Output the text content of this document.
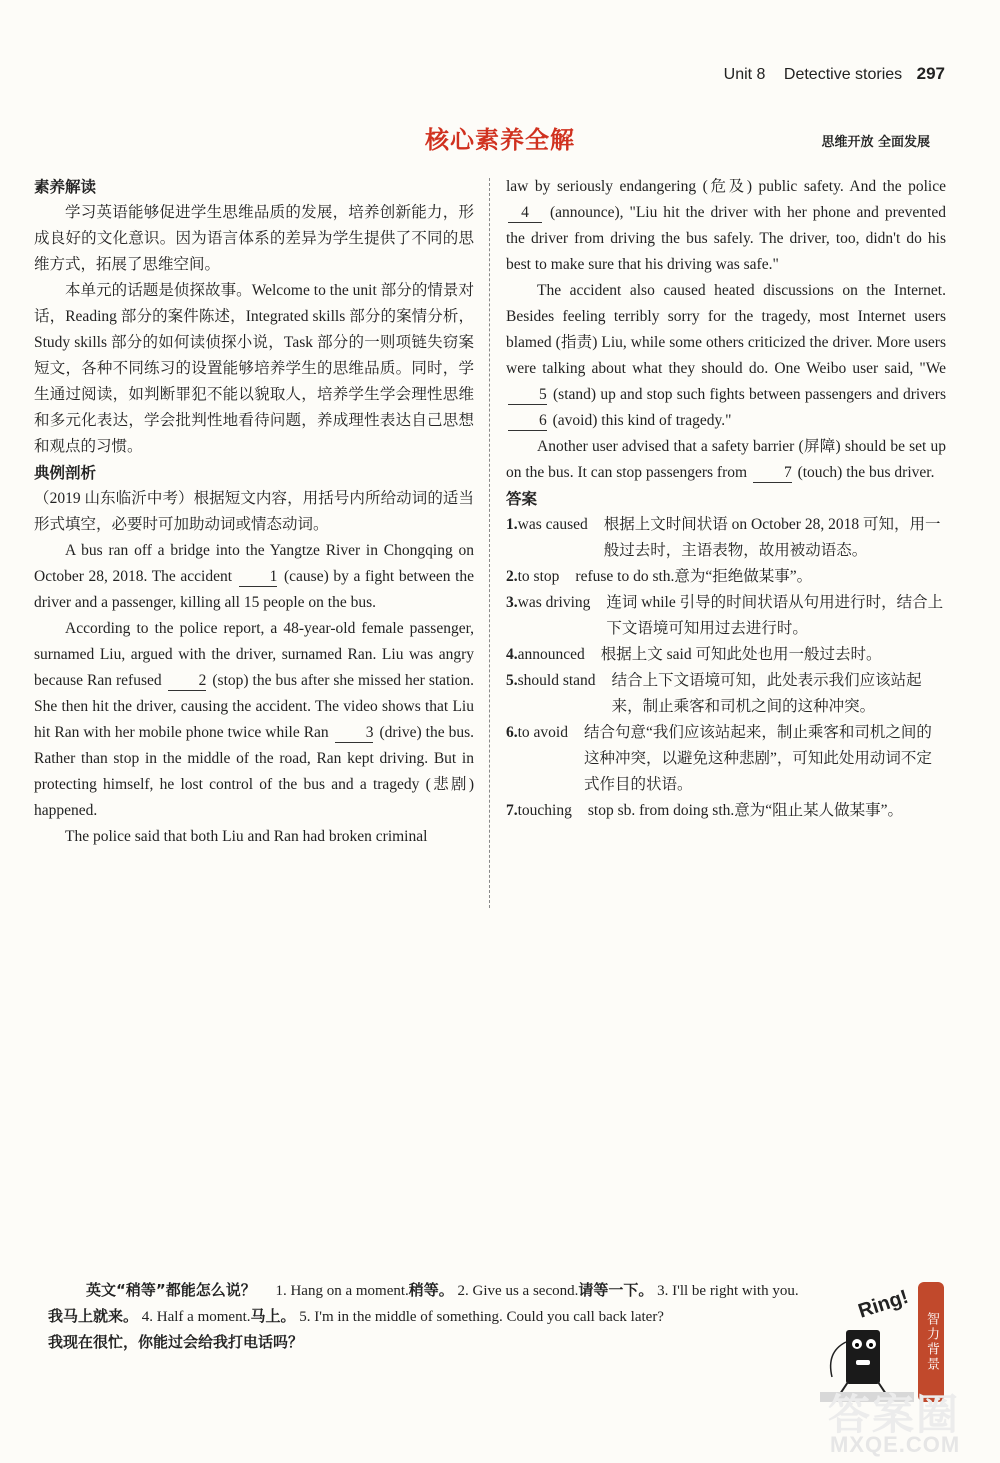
Unit 8 Detective stories 297
核心素养全解	思维开放 全面发展
素养解读

学习英语能够促进学生思维品质的发展，培养创新能力，形成良好的文化意识。因为语言体系的差异为学生提供了不同的思维方式，拓展了思维空间。

本单元的话题是侦探故事。Welcome to the unit 部分的情景对话，Reading 部分的案件陈述，Integrated skills 部分的案情分析，Study skills 部分的如何读侦探小说，Task 部分的一则项链失窃案短文，各种不同练习的设置能够培养学生的思维品质。同时，学生通过阅读，如判断罪犯不能以貌取人，培养学生学会理性思维和多元化表达，学会批判性地看待问题，养成理性表达自己思想和观点的习惯。

典例剖析

（2019 山东临沂中考）根据短文内容，用括号内所给动词的适当形式填空，必要时可加助动词或情态动词。

A bus ran off a bridge into the Yangtze River in Chongqing on October 28, 2018. The accident 1 (cause) by a fight between the driver and a passenger, killing all 15 people on the bus.

According to the police report, a 48-year-old female passenger, surnamed Liu, argued with the driver, surnamed Ran. Liu was angry because Ran refused 2 (stop) the bus after she missed her station. She then hit the driver, causing the accident. The video shows that Liu hit Ran with her mobile phone twice while Ran 3 (drive) the bus. Rather than stop in the middle of the road, Ran kept driving. But in protecting himself, he lost control of the bus and a tragedy (悲剧) happened.

The police said that both Liu and Ran had broken criminal

law by seriously endangering (危及) public safety. And the police 4 (announce), "Liu hit the driver with her phone and prevented the driver from driving the bus safely. The driver, too, didn't do his best to make sure that his driving was safe."

The accident also caused heated discussions on the Internet. Besides feeling terribly sorry for the tragedy, most Internet users blamed (指责) Liu, while some others criticized the driver. More users were talking about what they should do. One Weibo user said, "We 5 (stand) up and stop such fights between passengers and drivers 6 (avoid) this kind of tragedy."

Another user advised that a safety barrier (屏障) should be set up on the bus. It can stop passengers from 7 (touch) the bus driver.

答案
1. was caused 根据上文时间状语 on October 28, 2018 可知，用一般过去时，主语表物，故用被动语态。
2. to stop refuse to do sth.意为“拒绝做某事”。
3. was driving 连词 while 引导的时间状语从句用进行时，结合上下文语境可知用过去进行时。
4. announced 根据上文 said 可知此处也用一般过去时。
5. should stand 结合上下文语境可知，此处表示我们应该站起来，制止乘客和司机之间的这种冲突。
6. to avoid 结合句意“我们应该站起来，制止乘客和司机之间的这种冲突，以避免这种悲剧”，可知此处用动词不定式作目的状语。
7. touching stop sb. from doing sth.意为“阻止某人做某事”。
英文“稍等”都能怎么说？ 1. Hang on a moment.稍等。 2. Give us a second.请等一下。 3. I'll be right with you.我马上就来。 4. Half a moment.马上。 5. I'm in the middle of something. Could you call back later?
我现在很忙，你能过会给我打电话吗？
Ring!
智力背景
答案圈
MXQE.COM
